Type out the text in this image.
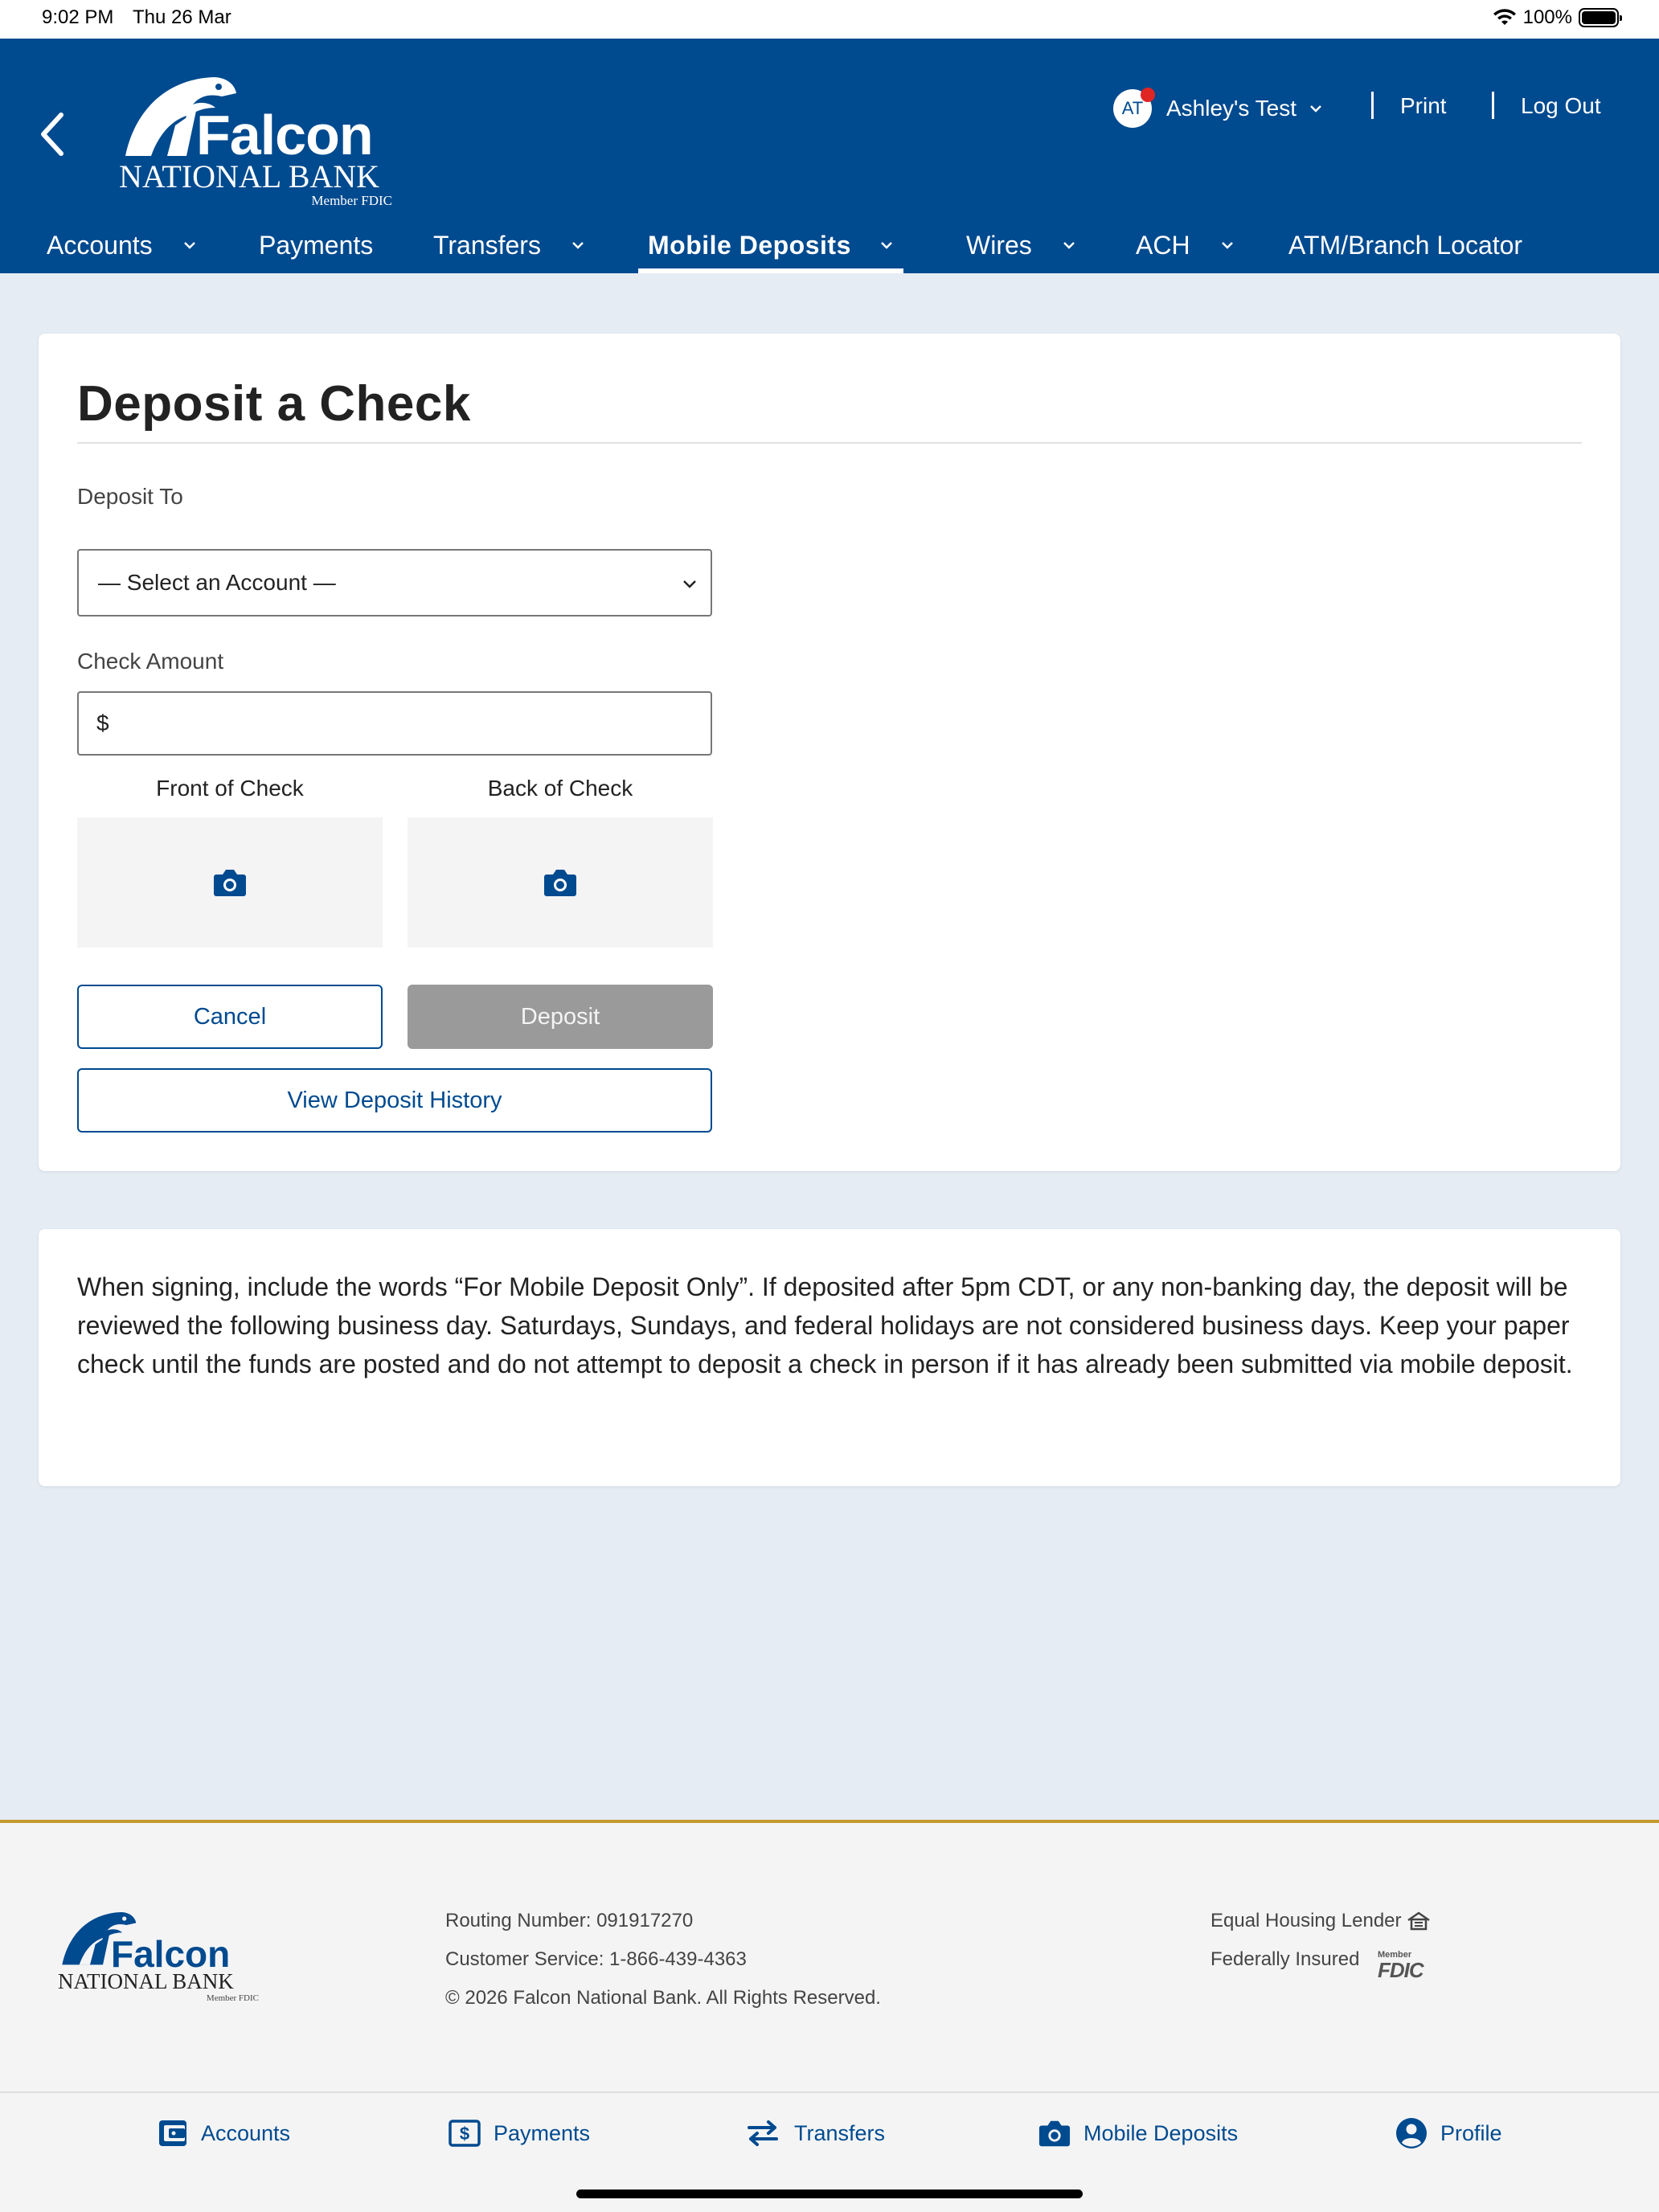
9:02 PM Thu 26 Mar	100%
Falcon
NATIONAL BANK
Member FDIC
AT Ashley's Test	Print	Log Out
Accounts	Payments Transfers	Mobile Deposits	Wires	ACH	ATM/Branch Locator
Deposit a Check
Deposit To
— Select an Account —
Check Amount
$
Front of Check	Back of Check
Cancel	Deposit
View Deposit History

When signing, include the words “For Mobile Deposit Only”. If deposited after 5pm CDT, or any non-banking day, the deposit will be reviewed the following business day. Saturdays, Sundays, and federal holidays are not considered business days. Keep your paper check until the funds are posted and do not attempt to deposit a check in person if it has already been submitted via mobile deposit.

Falcon
NATIONAL BANK
Member FDIC
Routing Number: 091917270
Customer Service: 1-866-439-4363
© 2026 Falcon National Bank. All Rights Reserved.
Equal Housing Lender
Federally Insured Member
FDIC
Accounts	$ Payments	Transfers	Mobile Deposits	Profile
